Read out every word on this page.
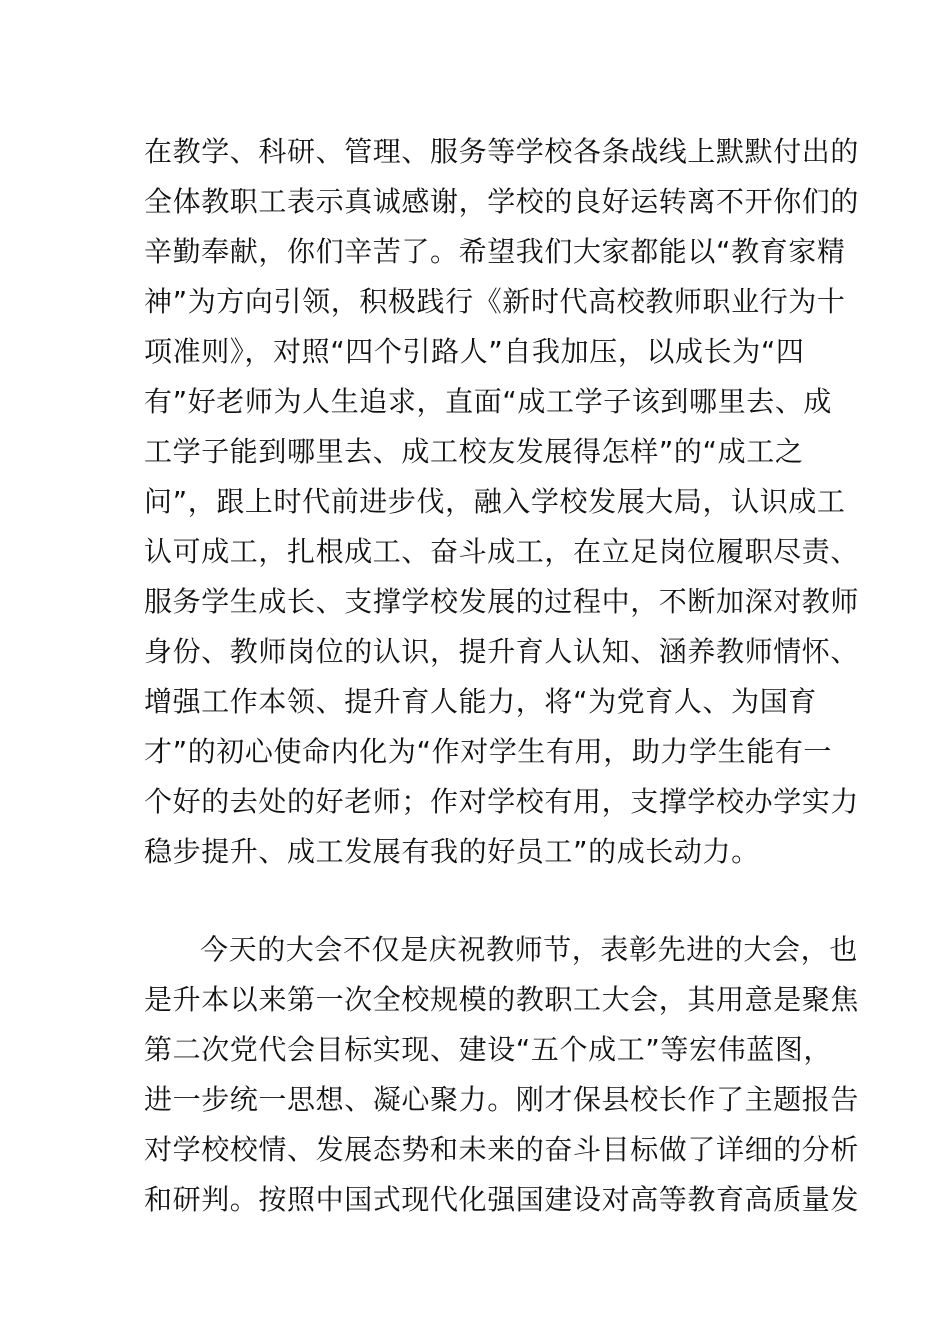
在教学、科研、管理、服务等学校各条战线上默默付出的
全体教职工表示真诚感谢，学校的良好运转离不开你们的
辛勤奉献，你们辛苦了。希望我们大家都能以“教育家精
神”为方向引领，积极践行《新时代高校教师职业行为十
项准则》，对照“四个引路人”自我加压，以成长为“四
有”好老师为人生追求，直面“成工学子该到哪里去、成
工学子能到哪里去、成工校友发展得怎样”的“成工之
问”，跟上时代前进步伐，融入学校发展大局，认识成工
认可成工，扎根成工、奋斗成工，在立足岗位履职尽责、
服务学生成长、支撑学校发展的过程中，不断加深对教师
身份、教师岗位的认识，提升育人认知、涵养教师情怀、
增强工作本领、提升育人能力，将“为党育人、为国育
才”的初心使命内化为“作对学生有用，助力学生能有一
个好的去处的好老师；作对学校有用，支撑学校办学实力
稳步提升、成工发展有我的好员工”的成长动力。
今天的大会不仅是庆祝教师节，表彰先进的大会，也
是升本以来第一次全校规模的教职工大会，其用意是聚焦
第二次党代会目标实现、建设“五个成工”等宏伟蓝图，
进一步统一思想、凝心聚力。刚才保县校长作了主题报告
对学校校情、发展态势和未来的奋斗目标做了详细的分析
和研判。按照中国式现代化强国建设对高等教育高质量发
